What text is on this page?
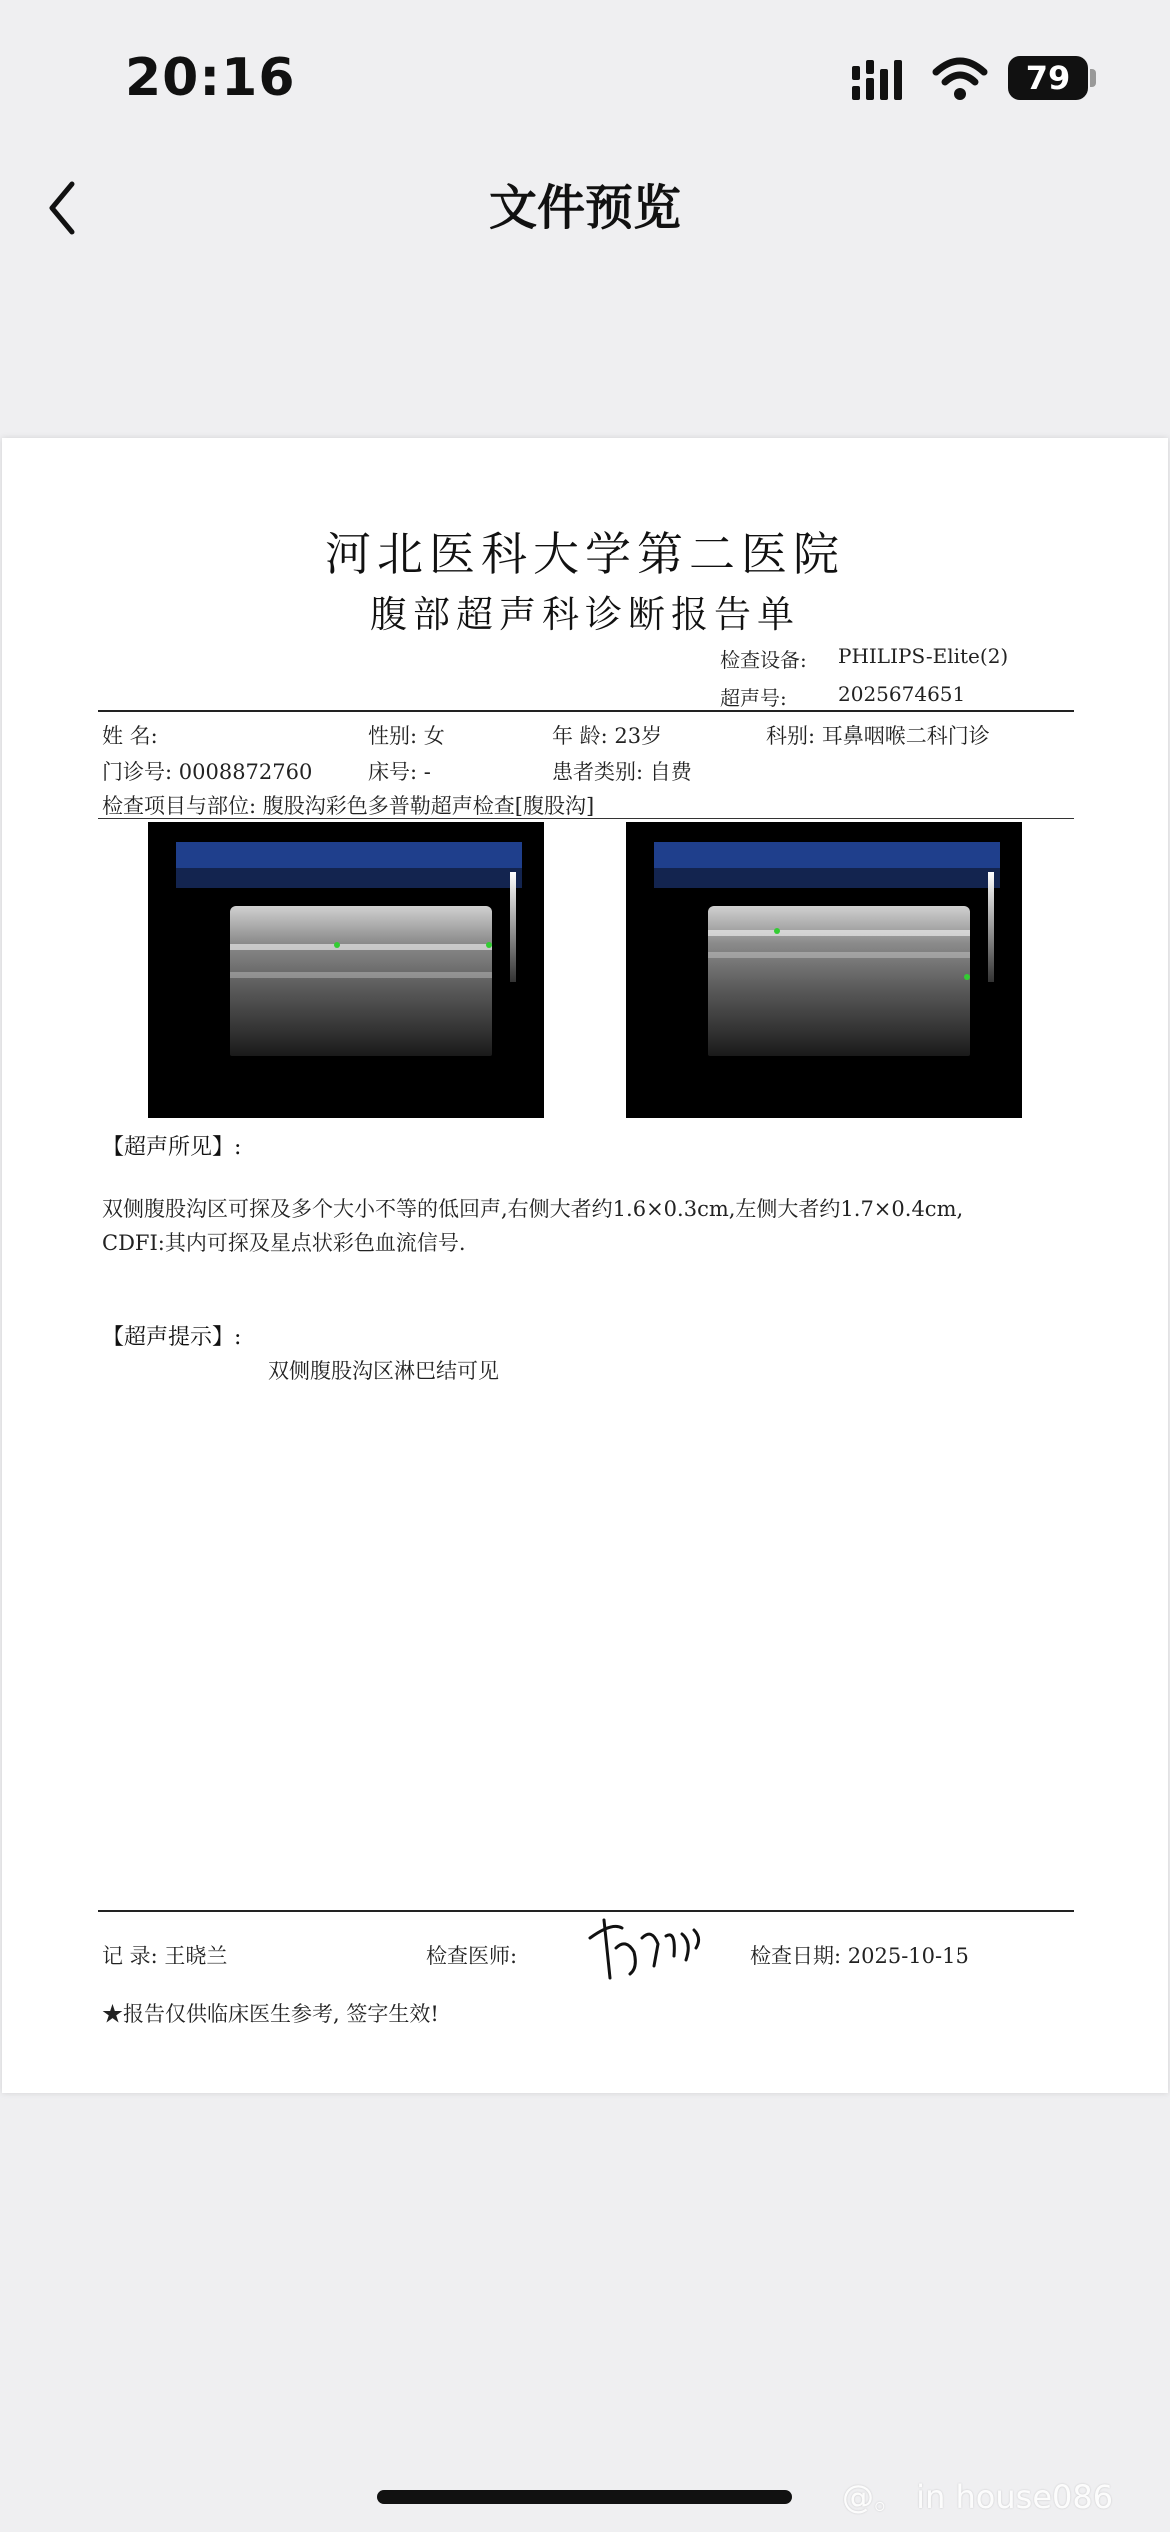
20:16	79
文件预览
河北医科大学第二医院
腹部超声科诊断报告单
检查设备: PHILIPS-Elite(2)
超声号:	2025674651
姓 名:	性别: 女	年 龄: 23岁	科别: 耳鼻咽喉二科门诊
门诊号: 0008872760	床号: -	患者类别: 自费
检查项目与部位: 腹股沟彩色多普勒超声检查[腹股沟]
【超声所见】:
双侧腹股沟区可探及多个大小不等的低回声,右侧大者约1.6×0.3cm,左侧大者约1.7×0.4cm,
CDFI:其内可探及星点状彩色血流信号.
【超声提示】:
双侧腹股沟区淋巴结可见
记 录: 王晓兰	检查医师:	检查日期: 2025-10-15
★报告仅供临床医生参考, 签字生效!
@。 in house086
